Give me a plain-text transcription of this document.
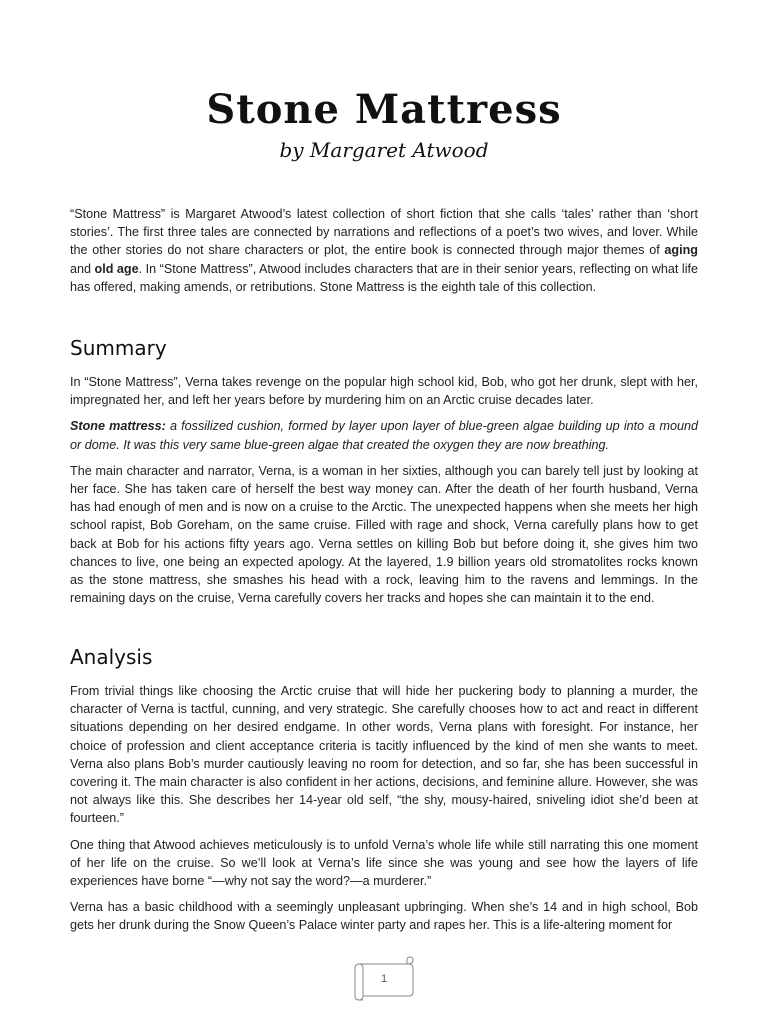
Stone Mattress
by Margaret Atwood

“Stone Mattress” is Margaret Atwood’s latest collection of short fiction that she calls ‘tales’ rather than ‘short stories’. The first three tales are connected by narrations and reflections of a poet’s two wives, and lover. While the other stories do not share characters or plot, the entire book is connected through major themes of aging and old age. In “Stone Mattress”, Atwood includes characters that are in their senior years, reflecting on what life has offered, making amends, or retributions. Stone Mattress is the eighth tale of this collection.

Summary

In “Stone Mattress”, Verna takes revenge on the popular high school kid, Bob, who got her drunk, slept with her, impregnated her, and left her years before by murdering him on an Arctic cruise decades later.

Stone mattress: a fossilized cushion, formed by layer upon layer of blue-green algae building up into a mound or dome. It was this very same blue-green algae that created the oxygen they are now breathing.

The main character and narrator, Verna, is a woman in her sixties, although you can barely tell just by looking at her face. She has taken care of herself the best way money can. After the death of her fourth husband, Verna has had enough of men and is now on a cruise to the Arctic. The unexpected happens when she meets her high school rapist, Bob Goreham, on the same cruise. Filled with rage and shock, Verna carefully plans how to get back at Bob for his actions fifty years ago. Verna settles on killing Bob but before doing it, she gives him two chances to live, one being an expected apology. At the layered, 1.9 billion years old stromatolites rocks known as the stone mattress, she smashes his head with a rock, leaving him to the ravens and lemmings. In the remaining days on the cruise, Verna carefully covers her tracks and hopes she can maintain it to the end.

Analysis

From trivial things like choosing the Arctic cruise that will hide her puckering body to planning a murder, the character of Verna is tactful, cunning, and very strategic. She carefully chooses how to act and react in different situations depending on her desired endgame. In other words, Verna plans with foresight. For instance, her choice of profession and client acceptance criteria is tacitly influenced by the kind of men she wants to meet. Verna also plans Bob’s murder cautiously leaving no room for detection, and so far, she has been successful in covering it. The main character is also confident in her actions, decisions, and feminine allure. However, she was not always like this. She describes her 14-year old self, “the shy, mousy-haired, sniveling idiot she’d been at fourteen.”

One thing that Atwood achieves meticulously is to unfold Verna’s whole life while still narrating this one moment of her life on the cruise. So we’ll look at Verna’s life since she was young and see how the layers of life experiences have borne “—why not say the word?—a murderer.”

Verna has a basic childhood with a seemingly unpleasant upbringing. When she’s 14 and in high school, Bob gets her drunk during the Snow Queen’s Palace winter party and rapes her. This is a life-altering moment for

1
